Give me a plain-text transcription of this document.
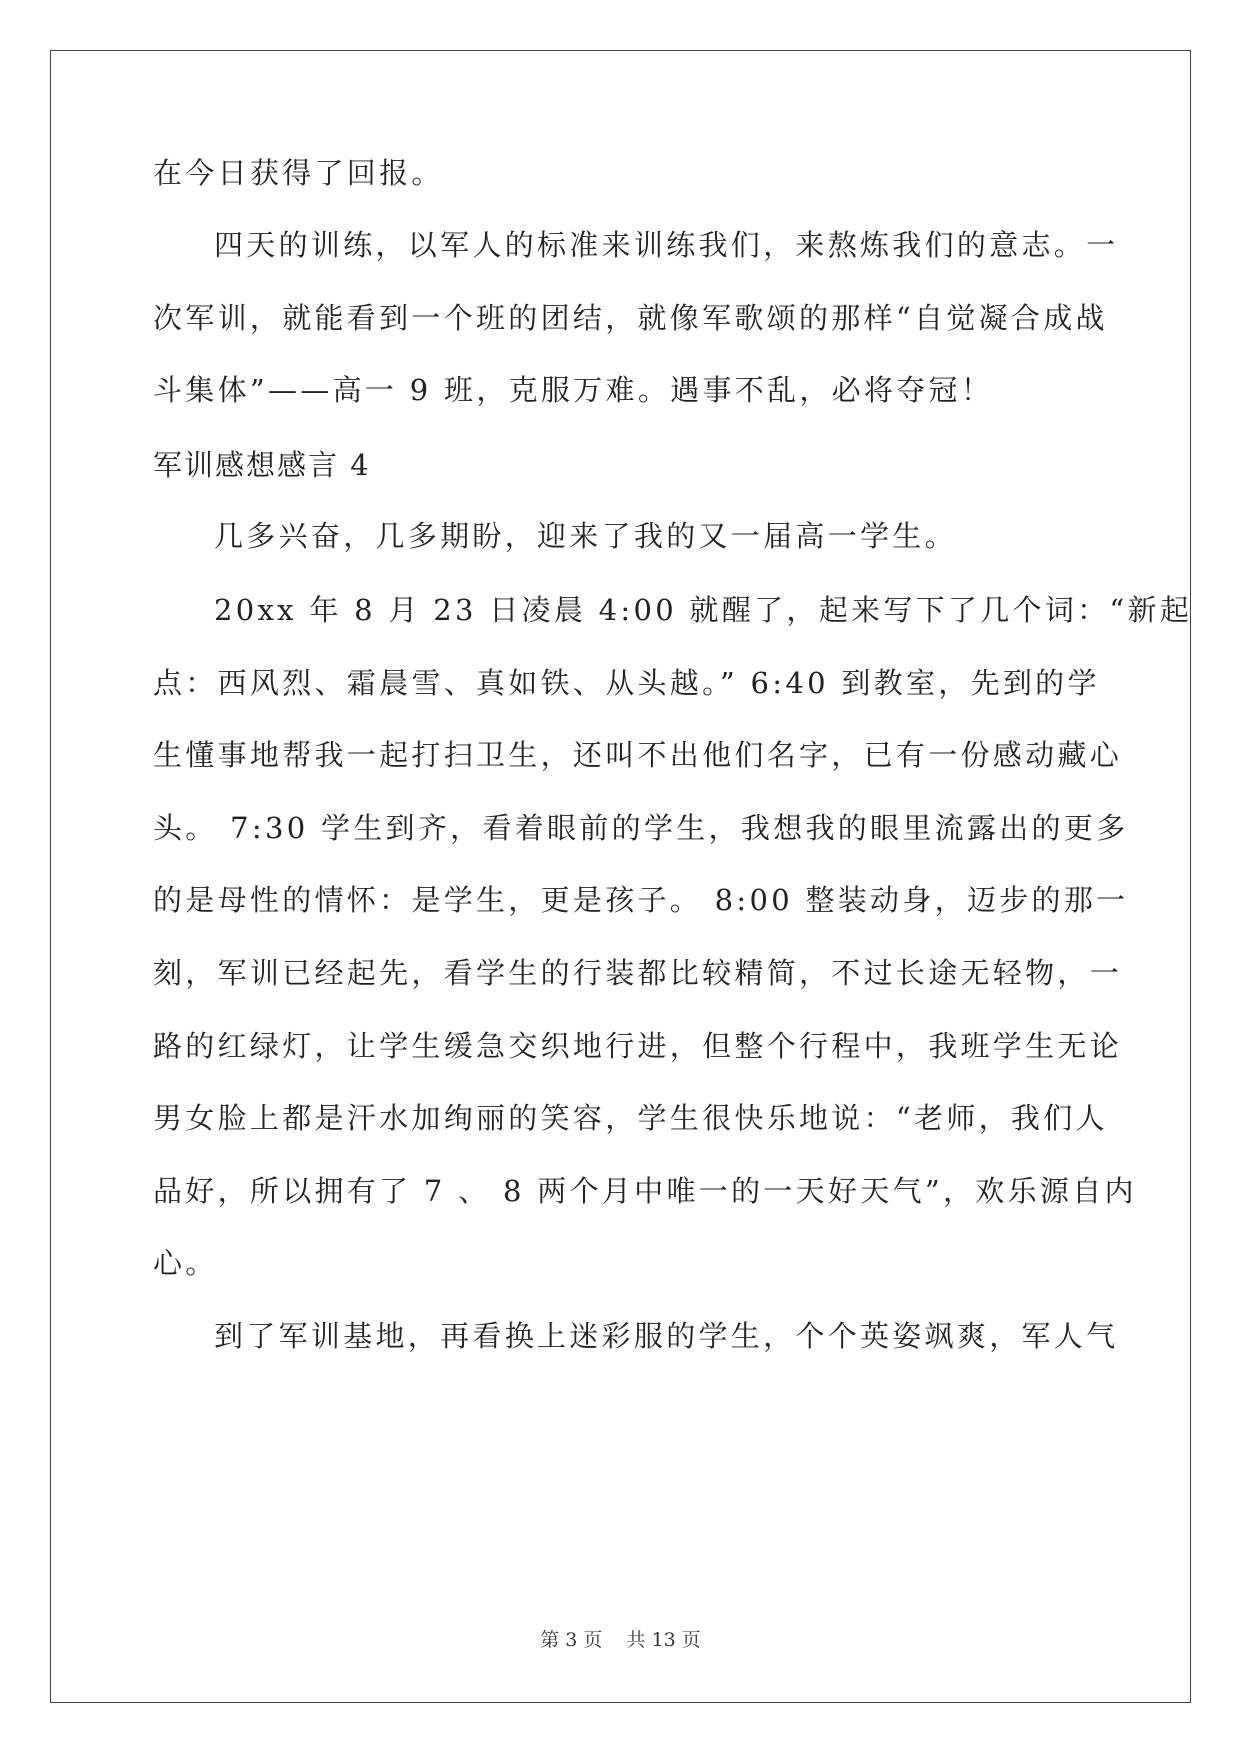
在今日获得了回报。

四天的训练，以军人的标准来训练我们，来熬炼我们的意志。一

次军训，就能看到一个班的团结，就像军歌颂的那样“自觉凝合成战

斗集体”——高一 9 班，克服万难。遇事不乱，必将夺冠！

军训感想感言 4

几多兴奋，几多期盼，迎来了我的又一届高一学生。

20xx 年 8 月 23 日凌晨 4:00 就醒了，起来写下了几个词：“新起

点：西风烈、霜晨雪、真如铁、从头越。” 6:40 到教室，先到的学

生懂事地帮我一起打扫卫生，还叫不出他们名字，已有一份感动藏心

头。 7:30 学生到齐，看着眼前的学生，我想我的眼里流露出的更多

的是母性的情怀：是学生，更是孩子。 8:00 整装动身，迈步的那一

刻，军训已经起先，看学生的行装都比较精简，不过长途无轻物，一

路的红绿灯，让学生缓急交织地行进，但整个行程中，我班学生无论

男女脸上都是汗水加绚丽的笑容，学生很快乐地说：“老师，我们人

品好，所以拥有了 7 、 8 两个月中唯一的一天好天气”，欢乐源自内

心。

到了军训基地，再看换上迷彩服的学生，个个英姿飒爽，军人气

第 3 页    共 13 页
